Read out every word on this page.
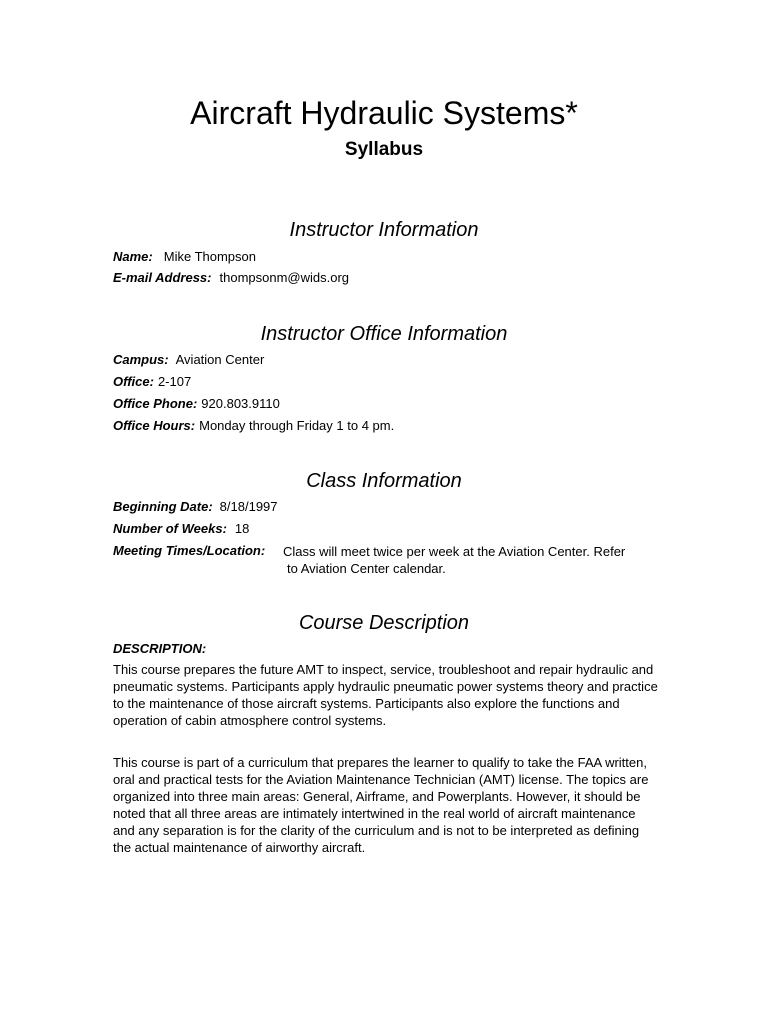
Aircraft Hydraulic Systems*
Syllabus
Instructor Information
Name: Mike Thompson
E-mail Address: thompsonm@wids.org
Instructor Office Information
Campus: Aviation Center
Office: 2-107
Office Phone: 920.803.9110
Office Hours: Monday through Friday 1 to 4 pm.
Class Information
Beginning Date: 8/18/1997
Number of Weeks: 18
Meeting Times/Location: Class will meet twice per week at the Aviation Center. Refer
to Aviation Center calendar.
Course Description
DESCRIPTION:

This course prepares the future AMT to inspect, service, troubleshoot and repair hydraulic and pneumatic systems. Participants apply hydraulic pneumatic power systems theory and practice to the maintenance of those aircraft systems. Participants also explore the functions and operation of cabin atmosphere control systems.

This course is part of a curriculum that prepares the learner to qualify to take the FAA written, oral and practical tests for the Aviation Maintenance Technician (AMT) license. The topics are organized into three main areas: General, Airframe, and Powerplants. However, it should be noted that all three areas are intimately intertwined in the real world of aircraft maintenance and any separation is for the clarity of the curriculum and is not to be interpreted as defining the actual maintenance of airworthy aircraft.
